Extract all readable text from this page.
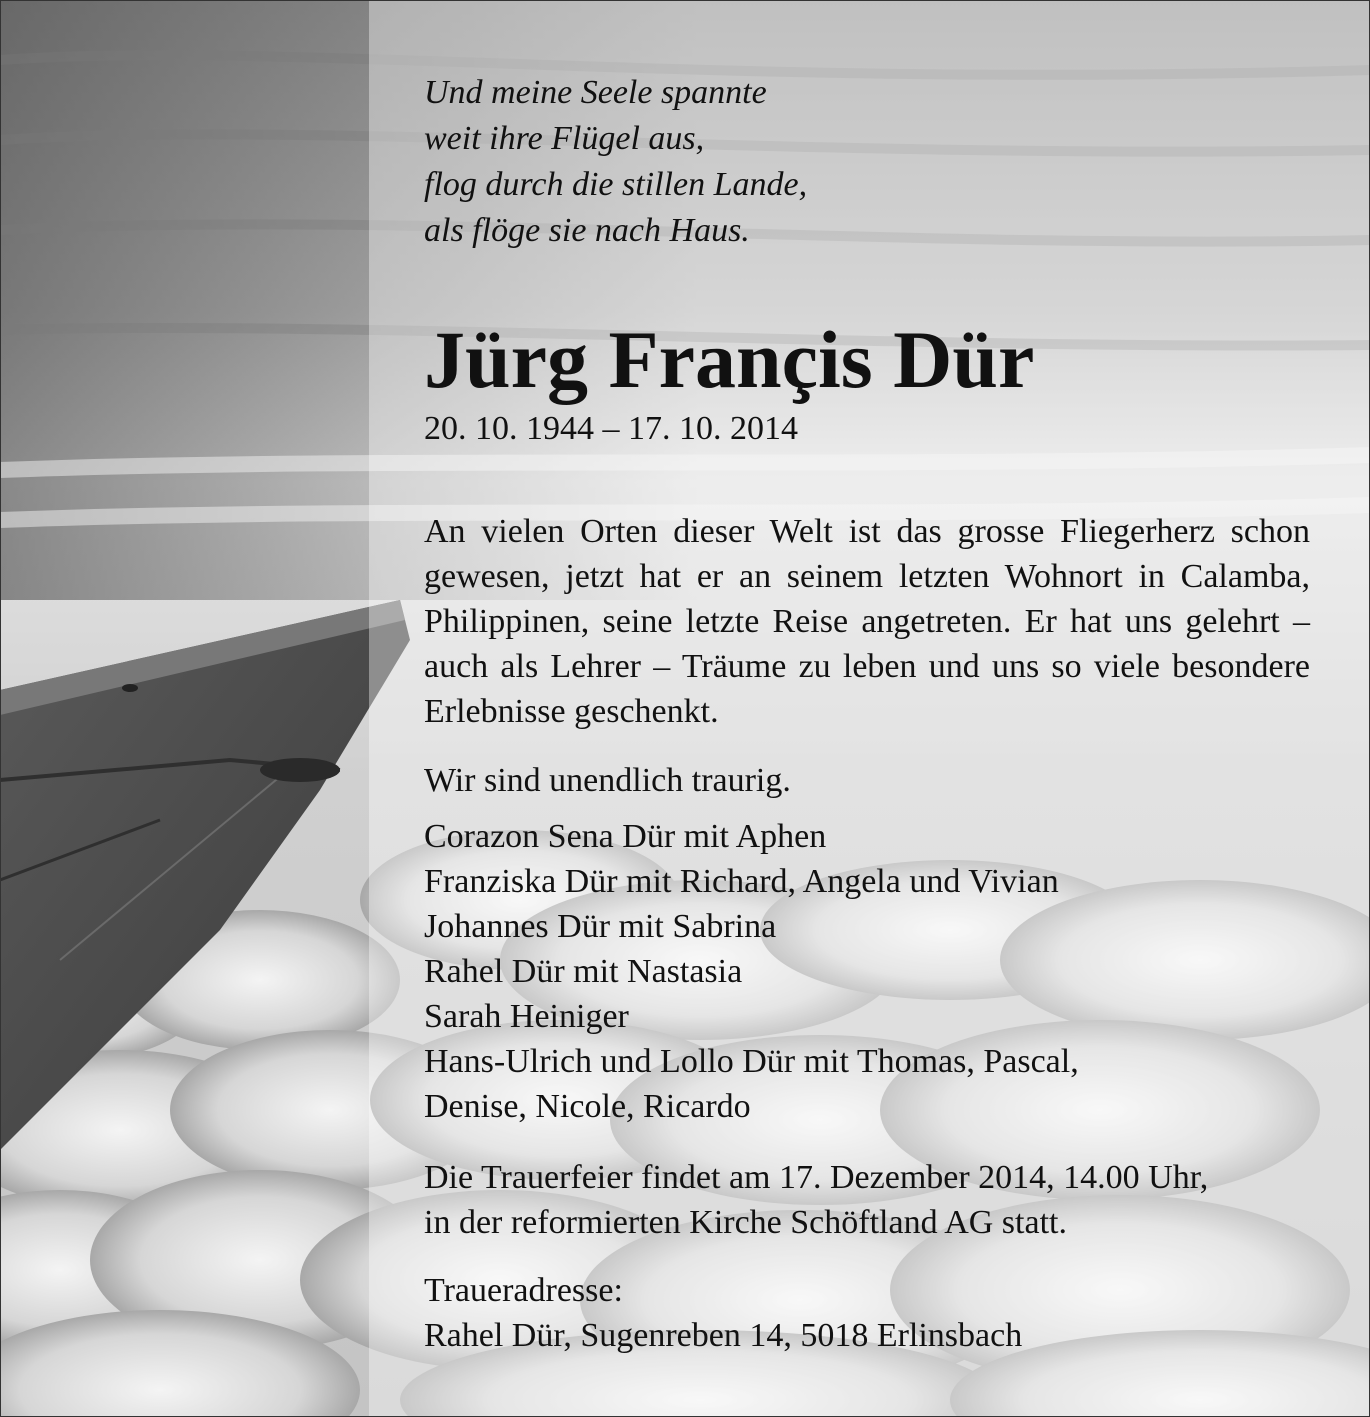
Und meine Seele spannte
weit ihre Flügel aus,
flog durch die stillen Lande,
als flöge sie nach Haus.
Jürg Françis Dür
20. 10. 1944 – 17. 10. 2014
An vielen Orten dieser Welt ist das grosse Fliegerherz schon gewesen, jetzt hat er an seinem letzten Wohnort in Calamba, Philippinen, seine letzte Reise angetreten. Er hat uns gelehrt – auch als Lehrer – Träume zu leben und uns so viele besondere Erlebnisse geschenkt.
Wir sind unendlich traurig.
Corazon Sena Dür mit Aphen
Franziska Dür mit Richard, Angela und Vivian
Johannes Dür mit Sabrina
Rahel Dür mit Nastasia
Sarah Heiniger
Hans-Ulrich und Lollo Dür mit Thomas, Pascal,
Denise, Nicole, Ricardo
Die Trauerfeier findet am 17. Dezember 2014, 14.00 Uhr,
in der reformierten Kirche Schöftland AG statt.
Traueradresse:
Rahel Dür, Sugenreben 14, 5018 Erlinsbach
